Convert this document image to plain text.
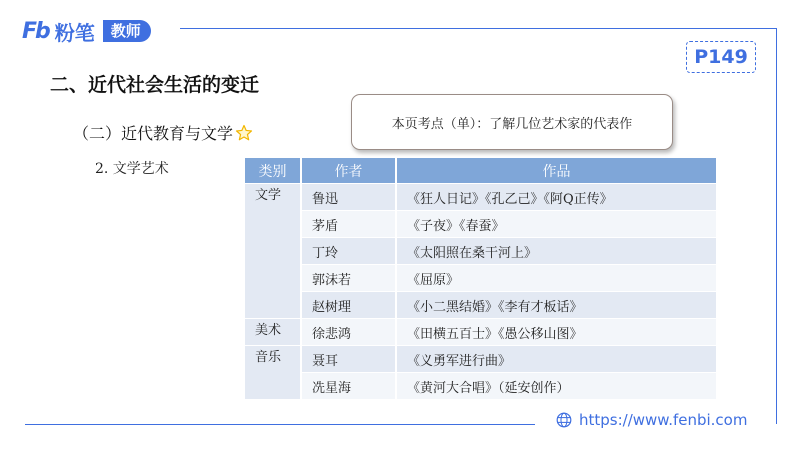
Fb 粉笔	教师
P149
二、近代社会生活的变迁
（二）近代教育与文学
2. 文学艺术
本页考点（单）：了解几位艺术家的代表作
类别	作者	作品
文学	鲁迅	《狂人日记》《孔乙己》《阿Q正传》
	茅盾	《子夜》《春蚕》
	丁玲	《太阳照在桑干河上》
	郭沫若	《屈原》
	赵树理	《小二黑结婚》《李有才板话》
美术	徐悲鸿	《田横五百士》《愚公移山图》
音乐	聂耳	《义勇军进行曲》
	冼星海	《黄河大合唱》（延安创作）
https://www.fenbi.com
